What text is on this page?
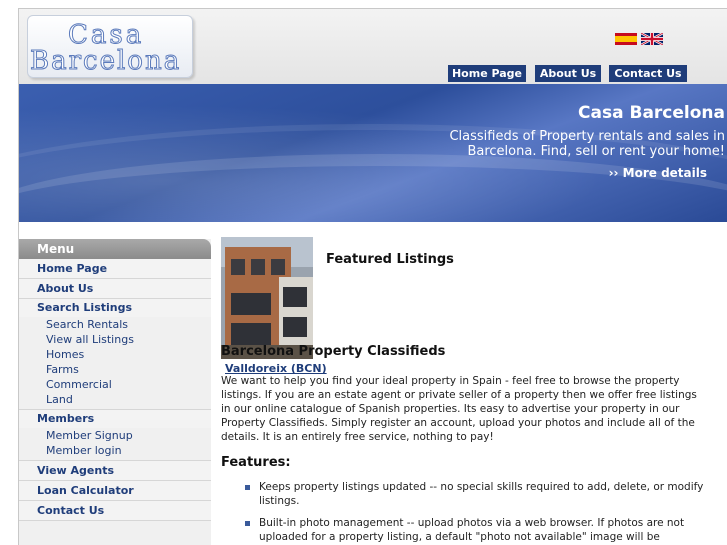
Casa
Barcelona	Home Page	About Us	Contact Us
Casa Barcelona
Classifieds of Property rentals and sales in
Barcelona. Find, sell or rent your home!
›› More details
Menu
Home Page
About Us
Search Listings
Search Rentals
View all Listings
Homes
Farms
Commercial
Land
Members
Member Signup
Member login
View Agents
Loan Calculator
Contact Us
Featured Listings
Barcelona Property Classifieds
Valldoreix (BCN)

We want to help you find your ideal property in Spain - feel free to browse the property listings. If you are an estate agent or private seller of a property then we offer free listings in our online catalogue of Spanish properties. Its easy to advertise your property in our Property Classifieds. Simply register an account, upload your photos and include all of the details. It is an entirely free service, nothing to pay!

Features:
Keeps property listings updated -- no special skills required to add, delete, or modify listings.
Built-in photo management -- upload photos via a web browser. If photos are not uploaded for a property listing, a default "photo not available" image will be
